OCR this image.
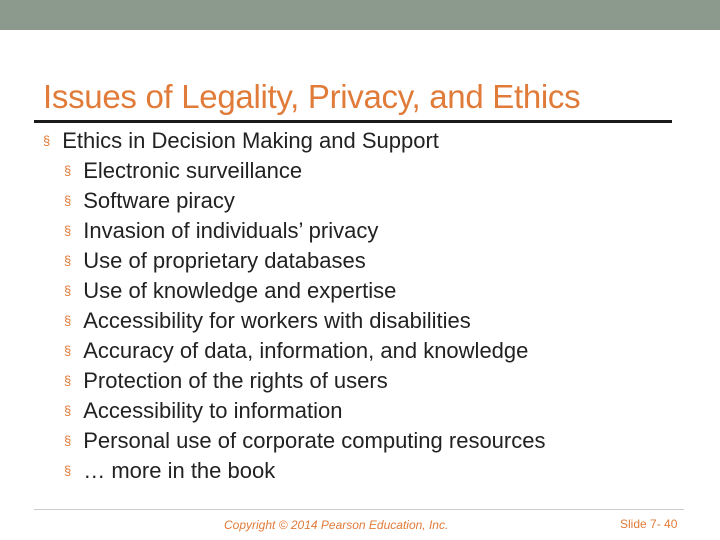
Issues of Legality, Privacy, and Ethics
§ Ethics in Decision Making and Support
§ Electronic surveillance
§ Software piracy
§ Invasion of individuals’ privacy
§ Use of proprietary databases
§ Use of knowledge and expertise
§ Accessibility for workers with disabilities
§ Accuracy of data, information, and knowledge
§ Protection of the rights of users
§ Accessibility to information
§ Personal use of corporate computing resources
§ … more in the book
Copyright © 2014 Pearson Education, Inc.	Slide 7- 40
